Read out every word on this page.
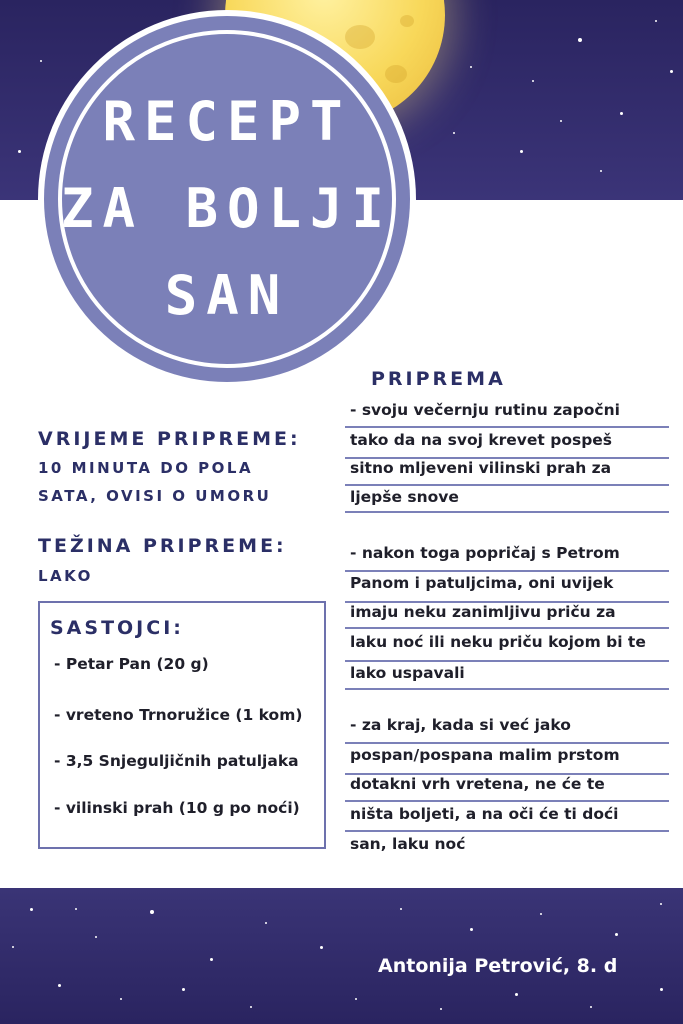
RECEPT
ZA BOLJI
SAN
VRIJEME PRIPREME:
10 MINUTA DO POLA
SATA, OVISI O UMORU
TEŽINA PRIPREME:
LAKO
SASTOJCI:
- Petar Pan (20 g)
- vreteno Trnoružice (1 kom)
- 3,5 Snjeguljičnih patuljaka
- vilinski prah (10 g po noći)
PRIPREMA
- svoju večernju rutinu započni
tako da na svoj krevet pospeš
sitno mljeveni vilinski prah za
ljepše snove
- nakon toga popričaj s Petrom
Panom i patuljcima, oni uvijek
imaju neku zanimljivu priču za
laku noć ili neku priču kojom bi te
lako uspavali
- za kraj, kada si već jako
pospan/pospana malim prstom
dotakni vrh vretena, ne će te
ništa boljeti, a na oči će ti doći
san, laku noć
Antonija Petrović, 8. d
